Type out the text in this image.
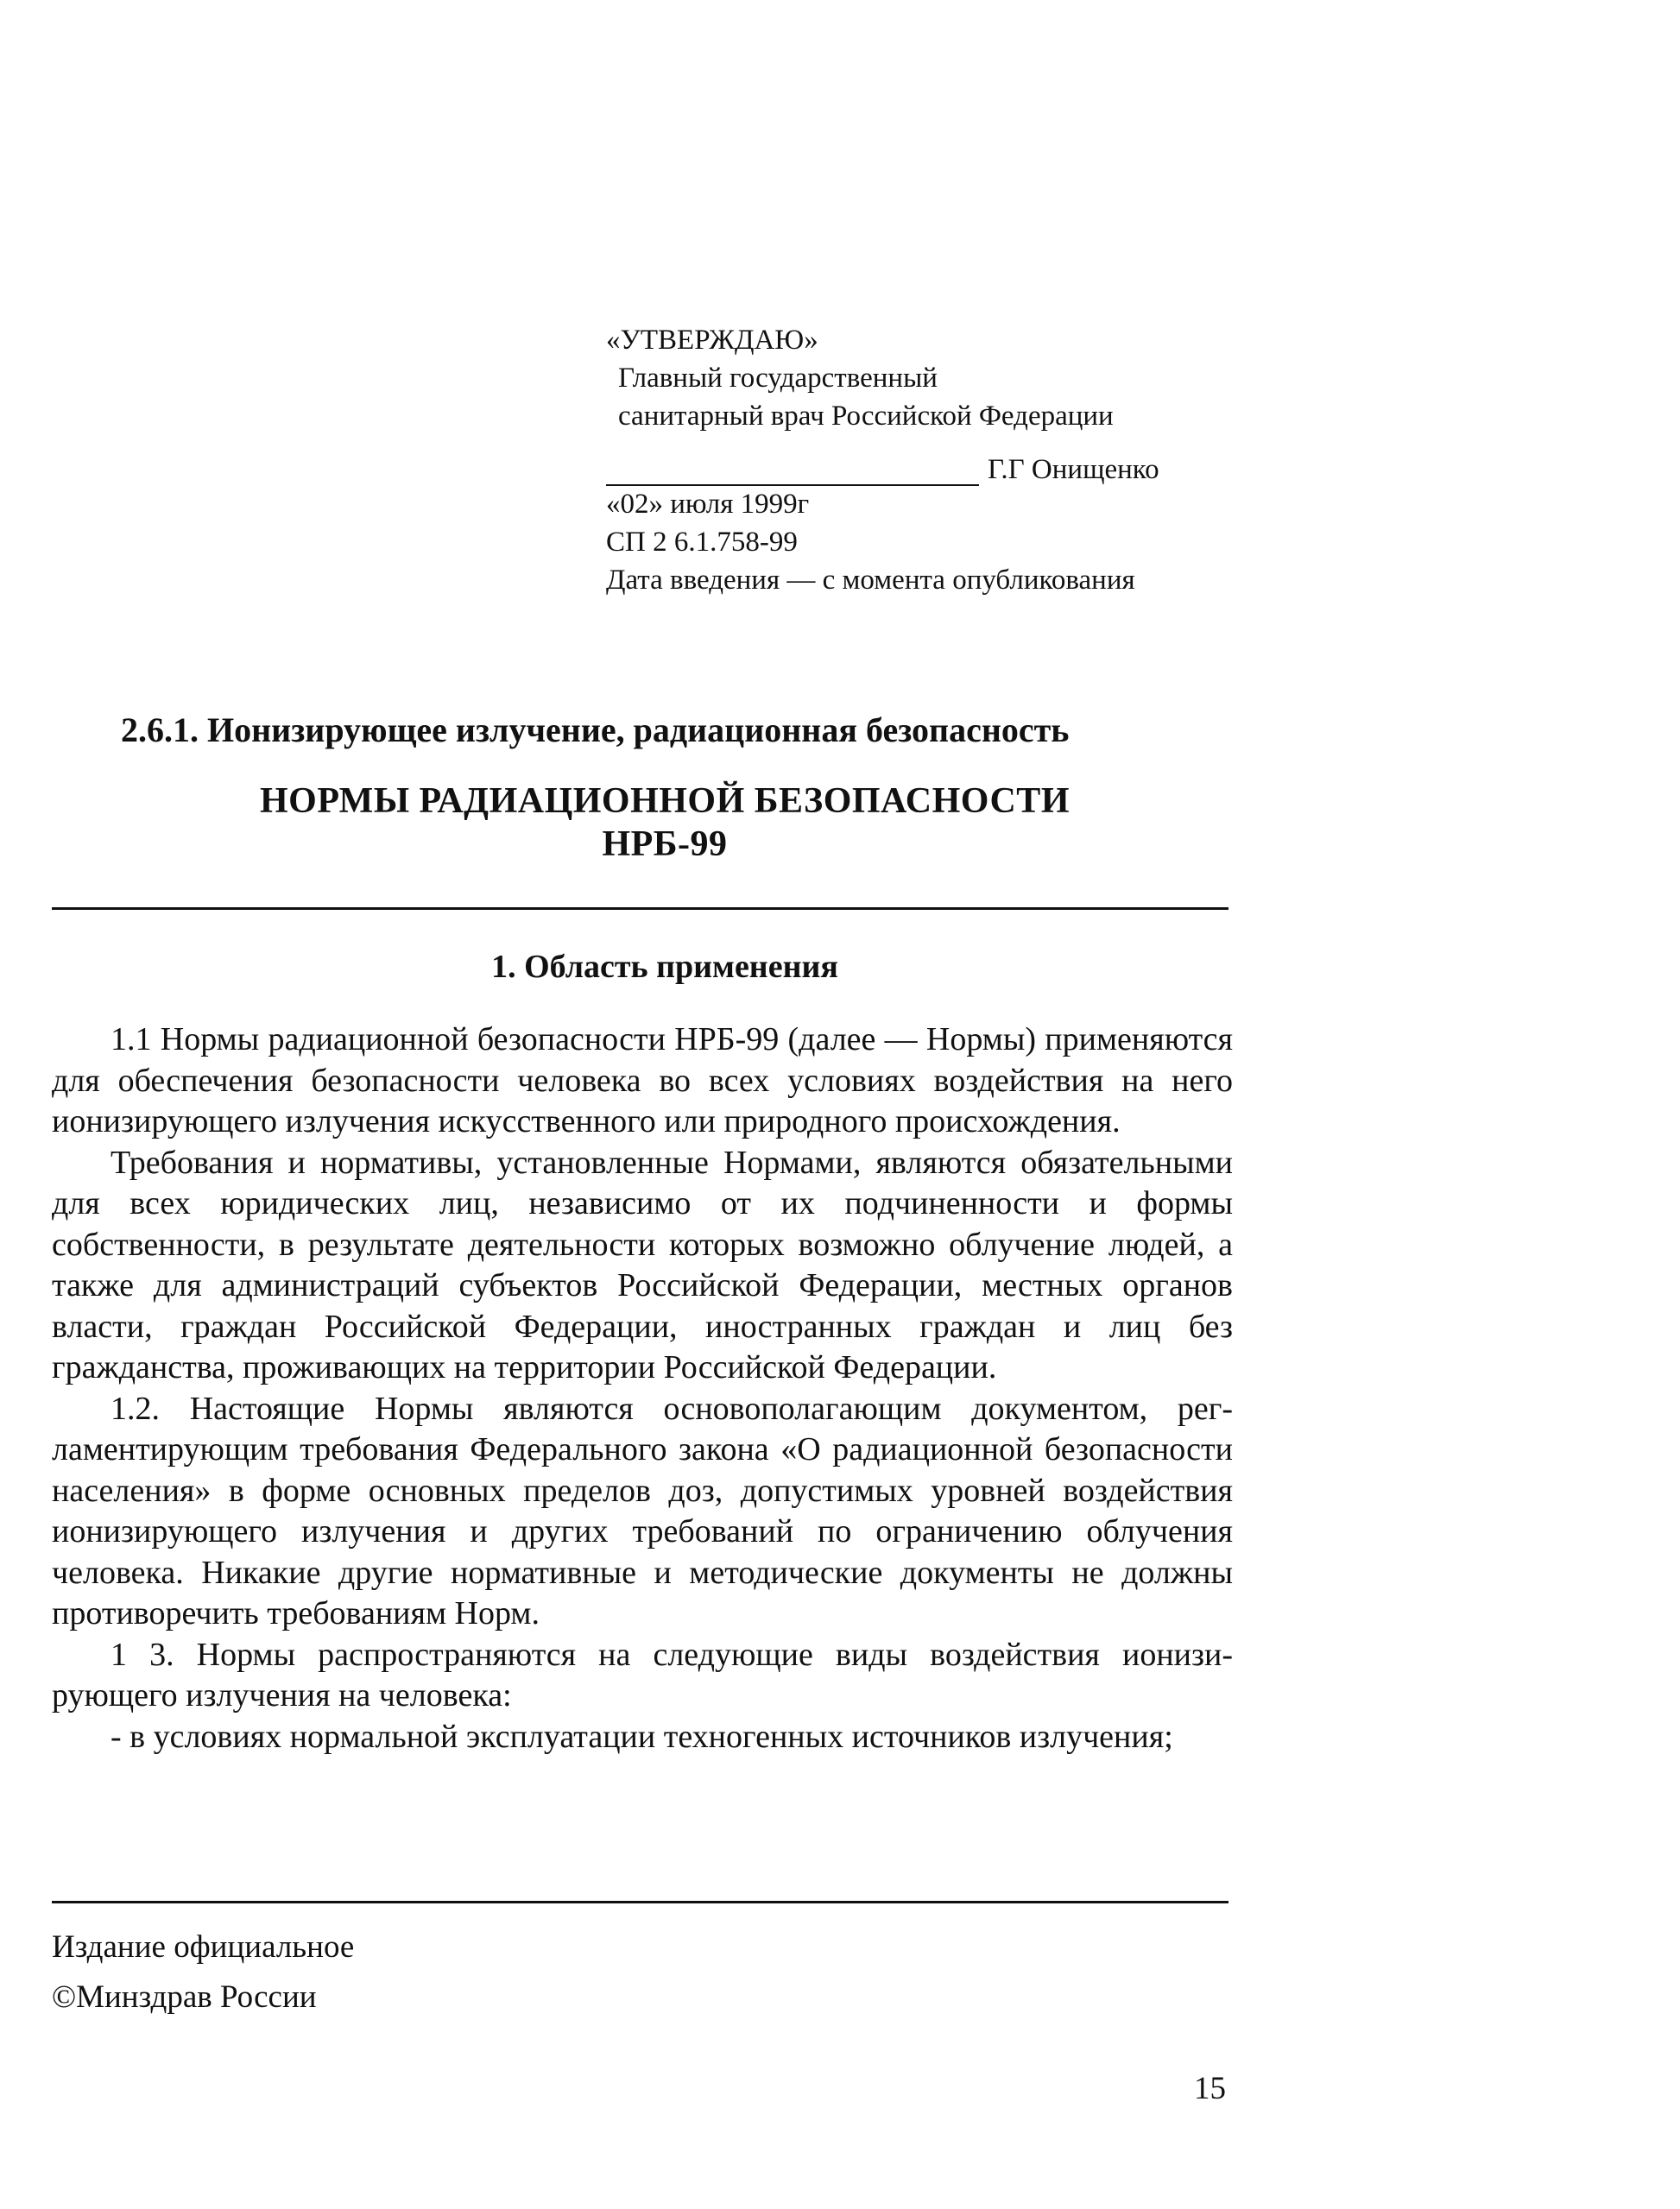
«УТВЕРЖДАЮ»
Главный государственный
санитарный врач Российской Федерации
Г.Г Онищенко
«02» июля 1999г
СП 2 6.1.758-99
Дата введения — с момента опубликования
2.6.1. Ионизирующее излучение, радиационная безопасность
НОРМЫ РАДИАЦИОННОЙ БЕЗОПАСНОСТИ
НРБ-99
1. Область применения

1.1 Нормы радиационной безопасности НРБ-99 (далее — Нормы) применяются для обеспечения безопасности человека во всех условиях воздействия на него ионизирующего излучения искусственного или природного происхождения.

Требования и нормативы, установленные Нормами, являются обязательными для всех юридических лиц, независимо от их подчиненности и формы собственности, в результате деятельности которых возможно облучение людей, а также для администраций субъектов Российской Федерации, местных органов власти, граждан Российской Федерации, иностранных граждан и лиц без гражданства, проживающих на территории Российской Федерации.

1.2. Настоящие Нормы являются основополагающим документом, регламентирующим требования Федерального закона «О радиационной безопасности населения» в форме основных пределов доз, допустимых уровней воздействия ионизирующего излучения и других требований по ограничению облучения человека. Никакие другие нормативные и методические документы не должны противоречить требованиям Норм.

1 3. Нормы распространяются на следующие виды воздействия ионизирующего излучения на человека:

- в условиях нормальной эксплуатации техногенных источников излучения;

Издание официальное
©Минздрав России
15
